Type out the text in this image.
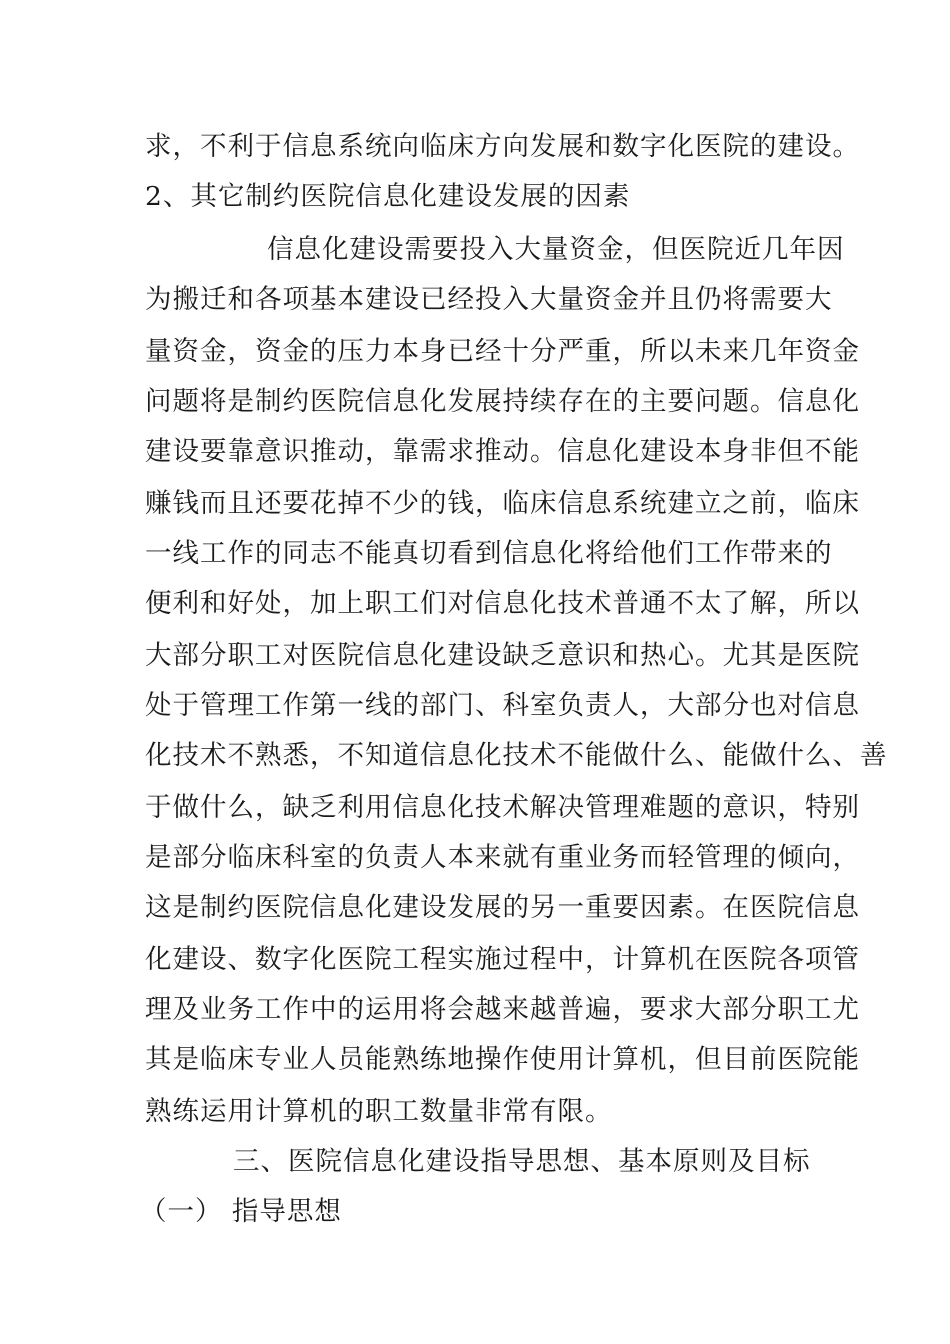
求，不利于信息系统向临床方向发展和数字化医院的建设。
2、其它制约医院信息化建设发展的因素
信息化建设需要投入大量资金，但医院近几年因
为搬迁和各项基本建设已经投入大量资金并且仍将需要大
量资金，资金的压力本身已经十分严重，所以未来几年资金
问题将是制约医院信息化发展持续存在的主要问题。信息化
建设要靠意识推动，靠需求推动。信息化建设本身非但不能
赚钱而且还要花掉不少的钱，临床信息系统建立之前，临床
一线工作的同志不能真切看到信息化将给他们工作带来的
便利和好处，加上职工们对信息化技术普通不太了解，所以
大部分职工对医院信息化建设缺乏意识和热心。尤其是医院
处于管理工作第一线的部门、科室负责人，大部分也对信息
化技术不熟悉，不知道信息化技术不能做什么、能做什么、善
于做什么，缺乏利用信息化技术解决管理难题的意识，特别
是部分临床科室的负责人本来就有重业务而轻管理的倾向，
这是制约医院信息化建设发展的另一重要因素。在医院信息
化建设、数字化医院工程实施过程中，计算机在医院各项管
理及业务工作中的运用将会越来越普遍，要求大部分职工尤
其是临床专业人员能熟练地操作使用计算机，但目前医院能
熟练运用计算机的职工数量非常有限。
三、医院信息化建设指导思想、基本原则及目标
（一） 指导思想
